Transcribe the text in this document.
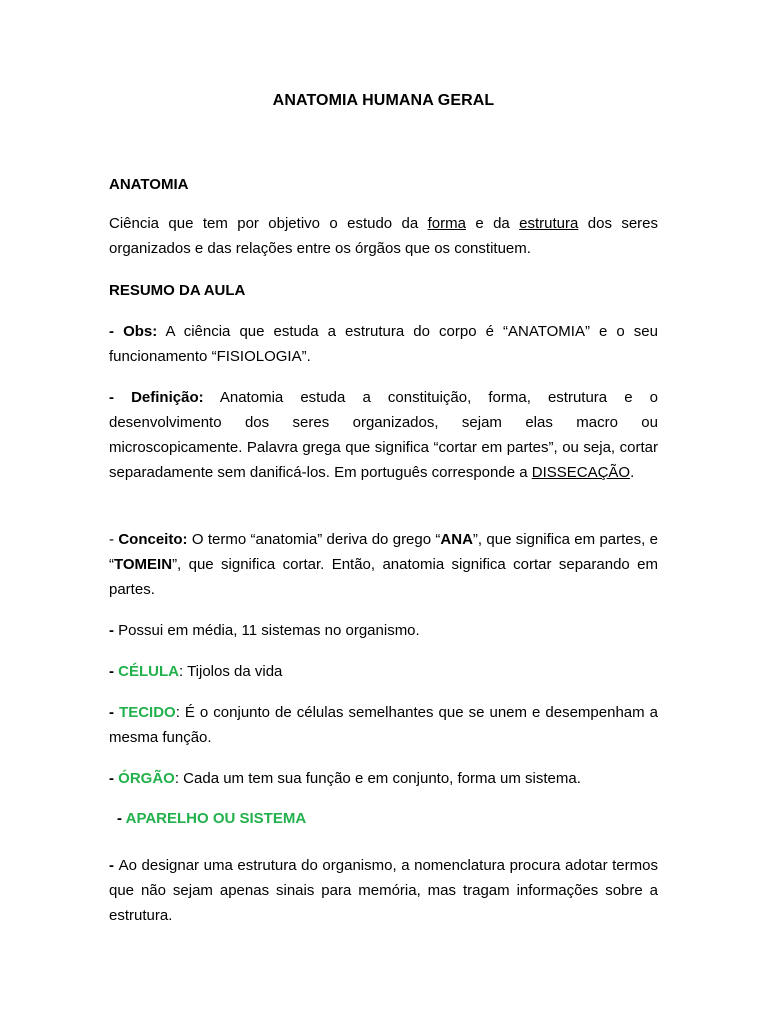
ANATOMIA HUMANA GERAL
ANATOMIA
Ciência que tem por objetivo o estudo da forma e da estrutura dos seres organizados e das relações entre os órgãos que os constituem.
RESUMO DA AULA
- Obs: A ciência que estuda a estrutura do corpo é “ANATOMIA” e o seu funcionamento “FISIOLOGIA”.
- Definição: Anatomia estuda a constituição, forma, estrutura e o desenvolvimento dos seres organizados, sejam elas macro ou microscopicamente. Palavra grega que significa “cortar em partes”, ou seja, cortar separadamente sem danificá-los. Em português corresponde a DISSECAÇÃO.
- Conceito: O termo “anatomia” deriva do grego “ANA”, que significa em partes, e “TOMEIN”, que significa cortar. Então, anatomia significa cortar separando em partes.
- Possui em média, 11 sistemas no organismo.
- CÉLULA: Tijolos da vida
- TECIDO: É o conjunto de células semelhantes que se unem e desempenham a mesma função.
- ÓRGÃO: Cada um tem sua função e em conjunto, forma um sistema.
- APARELHO OU SISTEMA
- Ao designar uma estrutura do organismo, a nomenclatura procura adotar termos que não sejam apenas sinais para memória, mas tragam informações sobre a estrutura.
